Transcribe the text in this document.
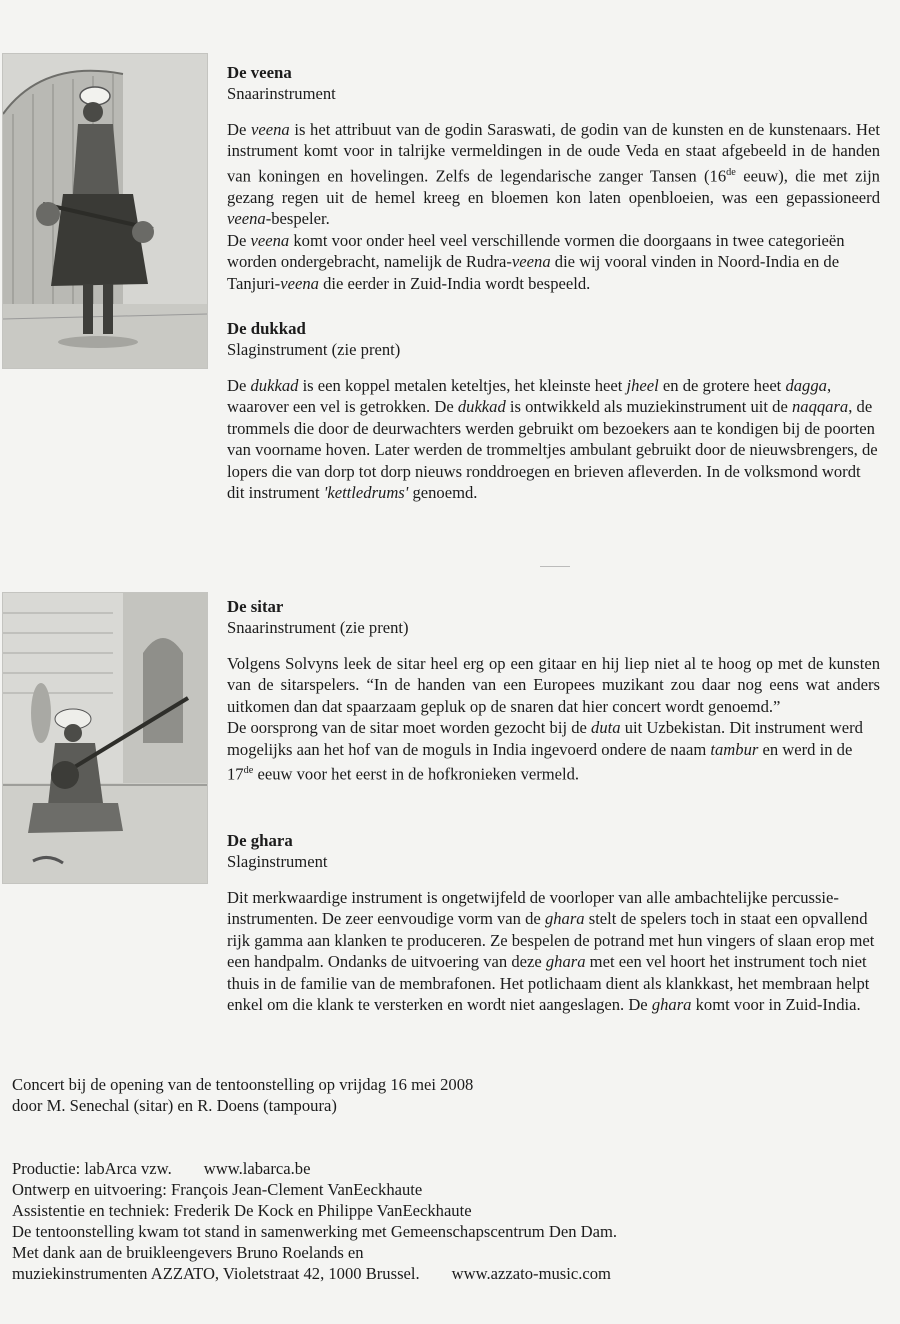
De veena
Snaarinstrument

De veena is het attribuut van de godin Saraswati, de godin van de kunsten en de kunstenaars. Het instrument komt voor in talrijke vermeldingen in de oude Veda en staat afgebeeld in de handen van koningen en hovelingen. Zelfs de legendarische zanger Tansen (16de eeuw), die met zijn gezang regen uit de hemel kreeg en bloemen kon laten openbloeien, was een gepassioneerd veena-bespeler.

De veena komt voor onder heel veel verschillende vormen die doorgaans in twee categorieën worden ondergebracht, namelijk de Rudra-veena die wij vooral vinden in Noord-India en de Tanjuri-veena die eerder in Zuid-India wordt bespeeld.

De dukkad
Slaginstrument (zie prent)

De dukkad is een koppel metalen keteltjes, het kleinste heet jheel en de grotere heet dagga, waarover een vel is getrokken. De dukkad is ontwikkeld als muziekinstrument uit de naqqara, de trommels die door de deurwachters werden gebruikt om bezoekers aan te kondigen bij de poorten van voorname hoven. Later werden de trommeltjes ambulant gebruikt door de nieuwsbrengers, de lopers die van dorp tot dorp nieuws ronddroegen en brieven afleverden. In de volksmond wordt dit instrument 'kettledrums' genoemd.

De sitar
Snaarinstrument (zie prent)

Volgens Solvyns leek de sitar heel erg op een gitaar en hij liep niet al te hoog op met de kunsten van de sitarspelers. “In de handen van een Europees muzikant zou daar nog eens wat anders uitkomen dan dat spaarzaam gepluk op de snaren dat hier concert wordt genoemd.”

De oorsprong van de sitar moet worden gezocht bij de duta uit Uzbekistan. Dit instrument werd mogelijks aan het hof van de moguls in India ingevoerd ondere de naam tambur en werd in de 17de eeuw voor het eerst in de hofkronieken vermeld.

De ghara
Slaginstrument

Dit merkwaardige instrument is ongetwijfeld de voorloper van alle ambachtelijke percussie-instrumenten. De zeer eenvoudige vorm van de ghara stelt de spelers toch in staat een opvallend rijk gamma aan klanken te produceren. Ze bespelen de potrand met hun vingers of slaan erop met een handpalm. Ondanks de uitvoering van deze ghara met een vel hoort het instrument toch niet thuis in de familie van de membrafonen. Het potlichaam dient als klankkast, het membraan helpt enkel om die klank te versterken en wordt niet aangeslagen. De ghara komt voor in Zuid-India.

Concert bij de opening van de tentoonstelling op vrijdag 16 mei 2008
door M. Senechal (sitar) en R. Doens (tampoura)
Productie: labArca vzw. www.labarca.be
Ontwerp en uitvoering: François Jean-Clement VanEeckhaute
Assistentie en techniek: Frederik De Kock en Philippe VanEeckhaute
De tentoonstelling kwam tot stand in samenwerking met Gemeenschapscentrum Den Dam.
Met dank aan de bruikleengevers Bruno Roelands en
muziekinstrumenten AZZATO, Violetstraat 42, 1000 Brussel. www.azzato-music.com
